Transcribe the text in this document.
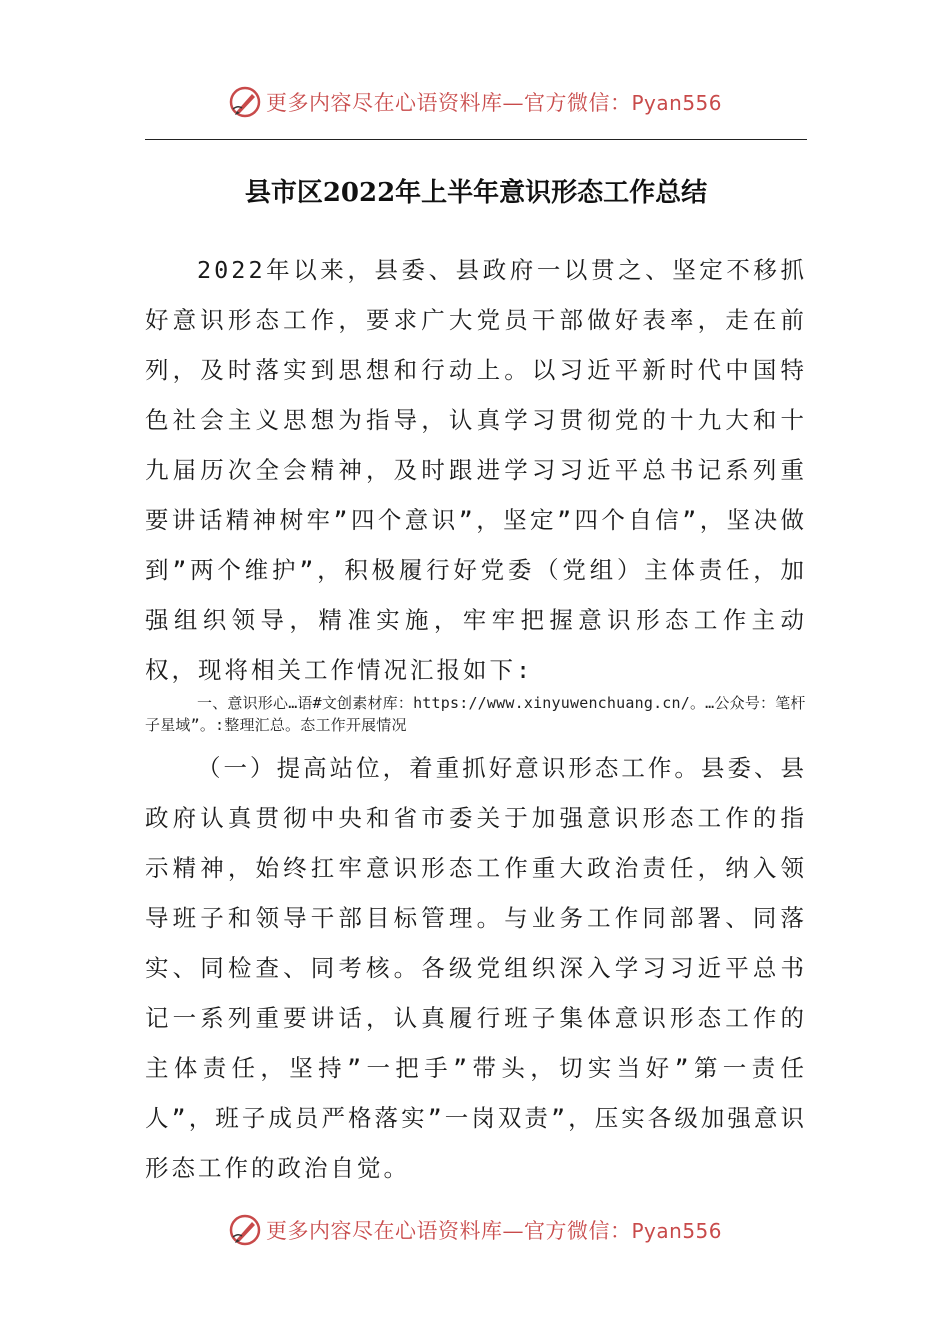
更多内容尽在心语资料库—官方微信：Pyan556
县市区2022年上半年意识形态工作总结

2022年以来，县委、县政府一以贯之、坚定不移抓好意识形态工作，要求广大党员干部做好表率，走在前列，及时落实到思想和行动上。以习近平新时代中国特色社会主义思想为指导，认真学习贯彻党的十九大和十九届历次全会精神，及时跟进学习习近平总书记系列重要讲话精神树牢”四个意识”，坚定”四个自信”，坚决做到”两个维护”，积极履行好党委（党组）主体责任，加强组织领导，精准实施，牢牢把握意识形态工作主动权，现将相关工作情况汇报如下:

一、意识形心…语#文创素材库：https://www.xinyuwenchuang.cn/。…公众号：笔杆子星域”。:整理汇总。态工作开展情况

（一）提高站位，着重抓好意识形态工作。县委、县政府认真贯彻中央和省市委关于加强意识形态工作的指示精神，始终扛牢意识形态工作重大政治责任，纳入领导班子和领导干部目标管理。与业务工作同部署、同落实、同检查、同考核。各级党组织深入学习习近平总书记一系列重要讲话，认真履行班子集体意识形态工作的主体责任，坚持”一把手”带头，切实当好”第一责任人”，班子成员严格落实”一岗双责”，压实各级加强意识形态工作的政治自觉。

更多内容尽在心语资料库—官方微信：Pyan556
